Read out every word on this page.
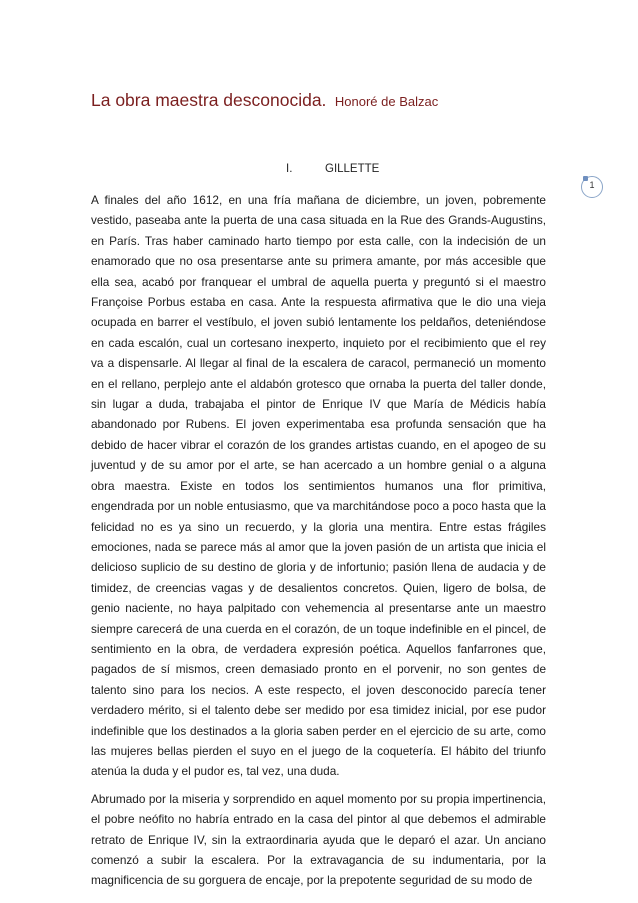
La obra maestra desconocida. Honoré de Balzac
1
I.	GILLETTE

A finales del año 1612, en una fría mañana de diciembre, un joven, pobremente vestido, paseaba ante la puerta de una casa situada en la Rue des Grands-Augustins, en París. Tras haber caminado harto tiempo por esta calle, con la indecisión de un enamorado que no osa presentarse ante su primera amante, por más accesible que ella sea, acabó por franquear el umbral de aquella puerta y preguntó si el maestro Françoise Porbus estaba en casa. Ante la respuesta afirmativa que le dio una vieja ocupada en barrer el vestíbulo, el joven subió lentamente los peldaños, deteniéndose en cada escalón, cual un cortesano inexperto, inquieto por el recibimiento que el rey va a dispensarle. Al llegar al final de la escalera de caracol, permaneció un momento en el rellano, perplejo ante el aldabón grotesco que ornaba la puerta del taller donde, sin lugar a duda, trabajaba el pintor de Enrique IV que María de Médicis había abandonado por Rubens. El joven experimentaba esa profunda sensación que ha debido de hacer vibrar el corazón de los grandes artistas cuando, en el apogeo de su juventud y de su amor por el arte, se han acercado a un hombre genial o a alguna obra maestra. Existe en todos los sentimientos humanos una flor primitiva, engendrada por un noble entusiasmo, que va marchitándose poco a poco hasta que la felicidad no es ya sino un recuerdo, y la gloria una mentira. Entre estas frágiles emociones, nada se parece más al amor que la joven pasión de un artista que inicia el delicioso suplicio de su destino de gloria y de infortunio; pasión llena de audacia y de timidez, de creencias vagas y de desalientos concretos. Quien, ligero de bolsa, de genio naciente, no haya palpitado con vehemencia al presentarse ante un maestro siempre carecerá de una cuerda en el corazón, de un toque indefinible en el pincel, de sentimiento en la obra, de verdadera expresión poética. Aquellos fanfarrones que, pagados de sí mismos, creen demasiado pronto en el porvenir, no son gentes de talento sino para los necios. A este respecto, el joven desconocido parecía tener verdadero mérito, si el talento debe ser medido por esa timidez inicial, por ese pudor indefinible que los destinados a la gloria saben perder en el ejercicio de su arte, como las mujeres bellas pierden el suyo en el juego de la coquetería. El hábito del triunfo atenúa la duda y el pudor es, tal vez, una duda.

Abrumado por la miseria y sorprendido en aquel momento por su propia impertinencia, el pobre neófito no habría entrado en la casa del pintor al que debemos el admirable retrato de Enrique IV, sin la extraordinaria ayuda que le deparó el azar. Un anciano comenzó a subir la escalera. Por la extravagancia de su indumentaria, por la magnificencia de su gorguera de encaje, por la prepotente seguridad de su modo de
